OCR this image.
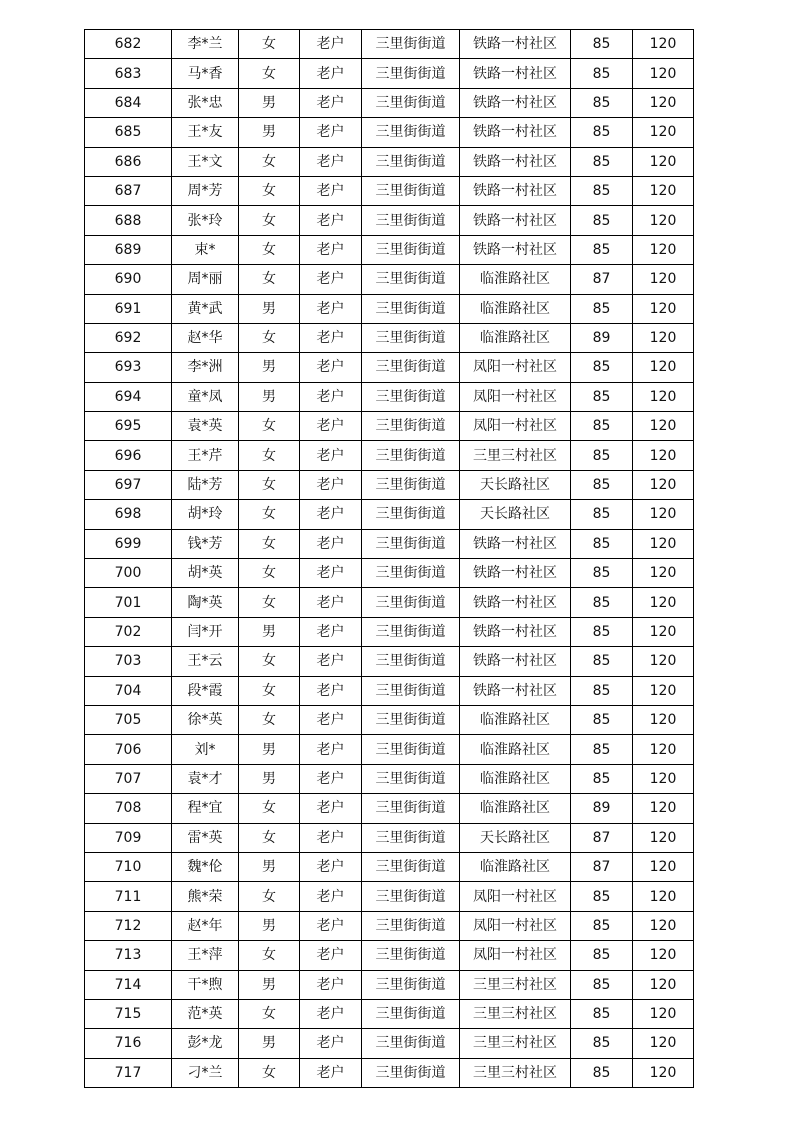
682	李*兰	女	老户	三里街街道	铁路一村社区	85	120
683	马*香	女	老户	三里街街道	铁路一村社区	85	120
684	张*忠	男	老户	三里街街道	铁路一村社区	85	120
685	王*友	男	老户	三里街街道	铁路一村社区	85	120
686	王*文	女	老户	三里街街道	铁路一村社区	85	120
687	周*芳	女	老户	三里街街道	铁路一村社区	85	120
688	张*玲	女	老户	三里街街道	铁路一村社区	85	120
689	束*	女	老户	三里街街道	铁路一村社区	85	120
690	周*丽	女	老户	三里街街道	临淮路社区	87	120
691	黄*武	男	老户	三里街街道	临淮路社区	85	120
692	赵*华	女	老户	三里街街道	临淮路社区	89	120
693	李*洲	男	老户	三里街街道	凤阳一村社区	85	120
694	童*凤	男	老户	三里街街道	凤阳一村社区	85	120
695	袁*英	女	老户	三里街街道	凤阳一村社区	85	120
696	王*芹	女	老户	三里街街道	三里三村社区	85	120
697	陆*芳	女	老户	三里街街道	天长路社区	85	120
698	胡*玲	女	老户	三里街街道	天长路社区	85	120
699	钱*芳	女	老户	三里街街道	铁路一村社区	85	120
700	胡*英	女	老户	三里街街道	铁路一村社区	85	120
701	陶*英	女	老户	三里街街道	铁路一村社区	85	120
702	闫*开	男	老户	三里街街道	铁路一村社区	85	120
703	王*云	女	老户	三里街街道	铁路一村社区	85	120
704	段*霞	女	老户	三里街街道	铁路一村社区	85	120
705	徐*英	女	老户	三里街街道	临淮路社区	85	120
706	刘*	男	老户	三里街街道	临淮路社区	85	120
707	袁*才	男	老户	三里街街道	临淮路社区	85	120
708	程*宜	女	老户	三里街街道	临淮路社区	89	120
709	雷*英	女	老户	三里街街道	天长路社区	87	120
710	魏*伦	男	老户	三里街街道	临淮路社区	87	120
711	熊*荣	女	老户	三里街街道	凤阳一村社区	85	120
712	赵*年	男	老户	三里街街道	凤阳一村社区	85	120
713	王*萍	女	老户	三里街街道	凤阳一村社区	85	120
714	干*煦	男	老户	三里街街道	三里三村社区	85	120
715	范*英	女	老户	三里街街道	三里三村社区	85	120
716	彭*龙	男	老户	三里街街道	三里三村社区	85	120
717	刁*兰	女	老户	三里街街道	三里三村社区	85	120
